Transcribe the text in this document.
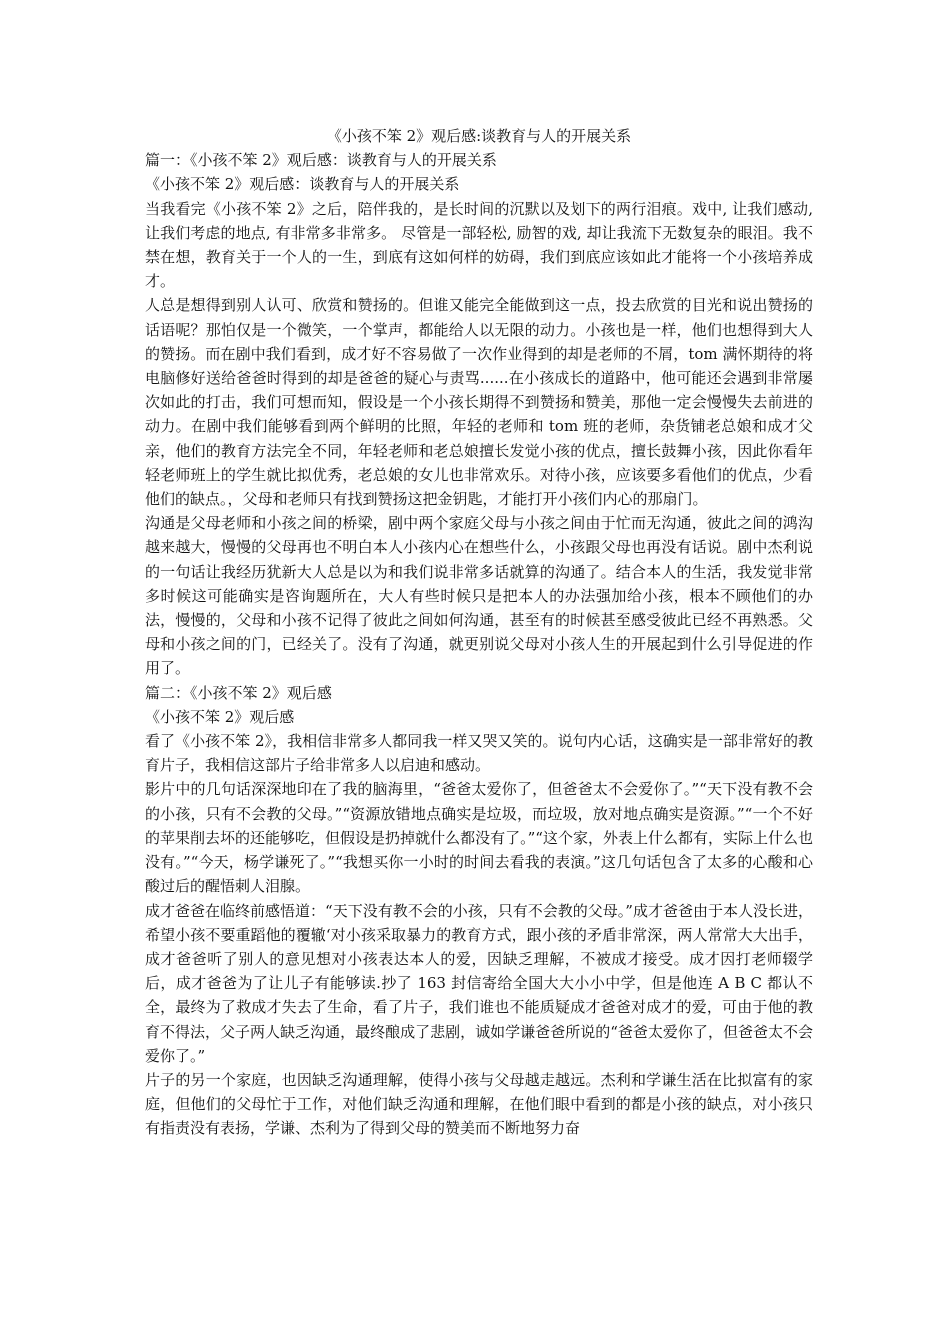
《小孩不笨 2》观后感:谈教育与人的开展关系

篇一：《小孩不笨 2》观后感：谈教育与人的开展关系

《小孩不笨 2》观后感：谈教育与人的开展关系

当我看完《小孩不笨 2》之后，陪伴我的，是长时间的沉默以及划下的两行泪痕。戏中, 让我们感动, 让我们考虑的地点, 有非常多非常多。 尽管是一部轻松, 励智的戏, 却让我流下无数复杂的眼泪。我不禁在想，教育关于一个人的一生，到底有这如何样的妨碍，我们到底应该如此才能将一个小孩培养成才。

人总是想得到别人认可、欣赏和赞扬的。但谁又能完全能做到这一点，投去欣赏的目光和说出赞扬的话语呢？那怕仅是一个微笑，一个掌声，都能给人以无限的动力。小孩也是一样，他们也想得到大人的赞扬。而在剧中我们看到，成才好不容易做了一次作业得到的却是老师的不屑，tom 满怀期待的将电脑修好送给爸爸时得到的却是爸爸的疑心与责骂......在小孩成长的道路中，他可能还会遇到非常屡次如此的打击，我们可想而知，假设是一个小孩长期得不到赞扬和赞美，那他一定会慢慢失去前进的动力。在剧中我们能够看到两个鲜明的比照，年轻的老师和 tom 班的老师，杂货铺老总娘和成才父亲，他们的教育方法完全不同，年轻老师和老总娘擅长发觉小孩的优点，擅长鼓舞小孩，因此你看年轻老师班上的学生就比拟优秀，老总娘的女儿也非常欢乐。对待小孩，应该要多看他们的优点，少看他们的缺点。，父母和老师只有找到赞扬这把金钥匙，才能打开小孩们内心的那扇门。

沟通是父母老师和小孩之间的桥梁，剧中两个家庭父母与小孩之间由于忙而无沟通，彼此之间的鸿沟越来越大，慢慢的父母再也不明白本人小孩内心在想些什么，小孩跟父母也再没有话说。剧中杰利说的一句话让我经历犹新大人总是以为和我们说非常多话就算的沟通了。结合本人的生活，我发觉非常多时候这可能确实是咨询题所在，大人有些时候只是把本人的办法强加给小孩，根本不顾他们的办法，慢慢的，父母和小孩不记得了彼此之间如何沟通，甚至有的时候甚至感受彼此已经不再熟悉。父母和小孩之间的门，已经关了。没有了沟通，就更别说父母对小孩人生的开展起到什么引导促进的作用了。

篇二：《小孩不笨 2》观后感

《小孩不笨 2》观后感

看了《小孩不笨 2》，我相信非常多人都同我一样又哭又笑的。说句内心话，这确实是一部非常好的教育片子，我相信这部片子给非常多人以启迪和感动。

影片中的几句话深深地印在了我的脑海里，“爸爸太爱你了，但爸爸太不会爱你了。”“天下没有教不会的小孩，只有不会教的父母。”“资源放错地点确实是垃圾，而垃圾，放对地点确实是资源。”“一个不好的苹果削去坏的还能够吃，但假设是扔掉就什么都没有了。”“这个家，外表上什么都有，实际上什么也没有。”“今天，杨学谦死了。”“我想买你一小时的时间去看我的表演。”这几句话包含了太多的心酸和心酸过后的醒悟刺人泪腺。

成才爸爸在临终前感悟道：“天下没有教不会的小孩，只有不会教的父母。”成才爸爸由于本人没长进，希望小孩不要重蹈他的覆辙‘对小孩采取暴力的教育方式，跟小孩的矛盾非常深，两人常常大大出手，成才爸爸听了别人的意见想对小孩表达本人的爱，因缺乏理解，不被成才接受。成才因打老师辍学后，成才爸爸为了让儿子有能够读.抄了 163 封信寄给全国大大小小中学，但是他连 A B C 都认不全，最终为了救成才失去了生命，看了片子，我们谁也不能质疑成才爸爸对成才的爱，可由于他的教育不得法，父子两人缺乏沟通，最终酿成了悲剧，诚如学谦爸爸所说的“爸爸太爱你了，但爸爸太不会爱你了。”

片子的另一个家庭，也因缺乏沟通理解，使得小孩与父母越走越远。杰利和学谦生活在比拟富有的家庭，但他们的父母忙于工作，对他们缺乏沟通和理解，在他们眼中看到的都是小孩的缺点，对小孩只有指责没有表扬，学谦、杰利为了得到父母的赞美而不断地努力奋
